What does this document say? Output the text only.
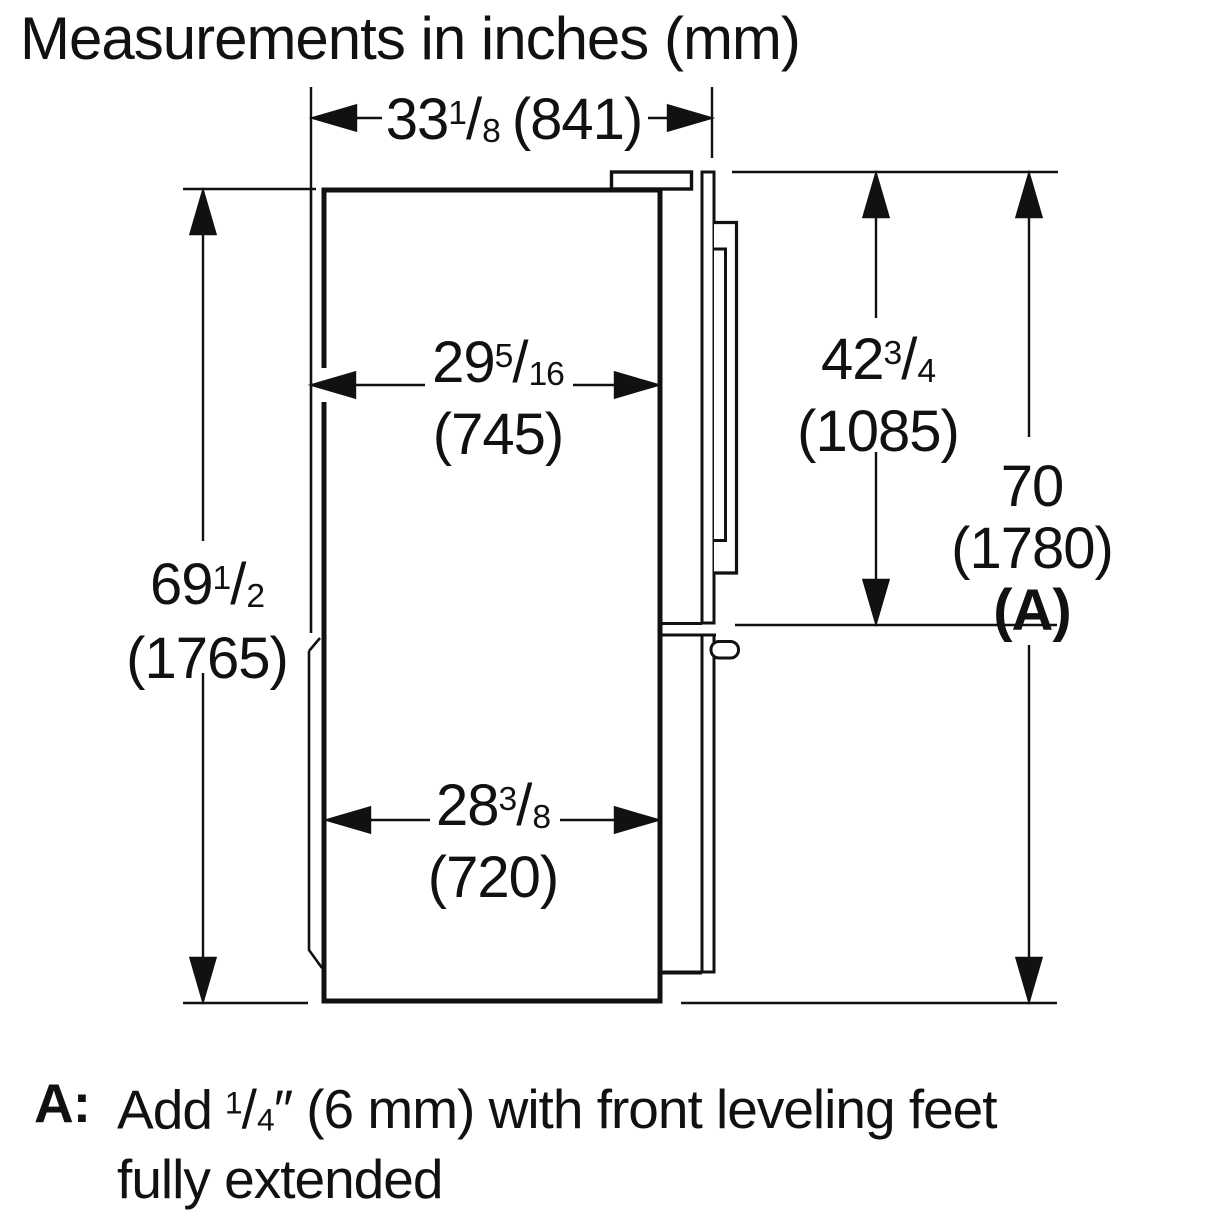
Measurements in inches (mm)
$33^1/_8$ (841)
$29^5/_{16}$
(745)
$28^3/_8$
(720)
$42^3/_4$
(1085)
70
(1780)
(A)
$69^1/_2$
(1765)
A: Add $^1/_4''$ (6 mm) with front leveling feet
fully extended
